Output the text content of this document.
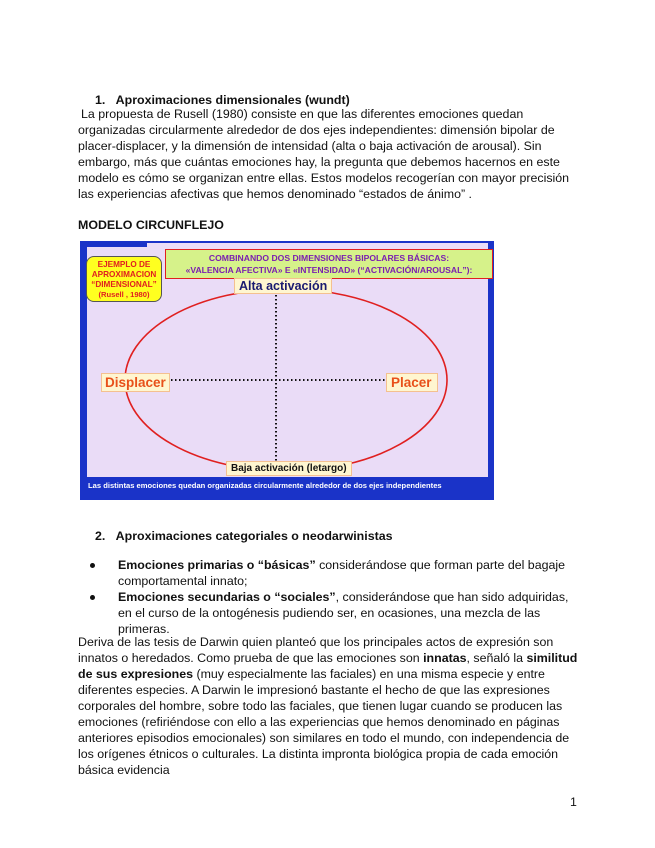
1. Aproximaciones dimensionales (wundt)
La propuesta de Rusell (1980) consiste en que las diferentes emociones quedan organizadas circularmente alrededor de dos ejes independientes: dimensión bipolar de placer-displacer, y la dimensión de intensidad (alta o baja activación de arousal). Sin embargo, más que cuántas emociones hay, la pregunta que debemos hacernos en este modelo es cómo se organizan entre ellas. Estos modelos recogerían con mayor precisión las experiencias afectivas que hemos denominado “estados de ánimo” .
MODELO CIRCUNFLEJO
COMBINANDO DOS DIMENSIONES BIPOLARES BÁSICAS:
«VALENCIA AFECTIVA» E «INTENSIDAD» (“ACTIVACIÓN/AROUSAL”):
EJEMPLO DE
APROXIMACION
“DIMENSIONAL”
(Rusell , 1980)
Alta activación
Baja activación (letargo)
Displacer	Placer
Las distintas emociones quedan organizadas circularmente alrededor de dos ejes independientes
2. Aproximaciones categoriales o neodarwinistas
Emociones primarias o “básicas” considerándose que forman parte del bagaje comportamental innato;
Emociones secundarias o “sociales”, considerándose que han sido adquiridas, en el curso de la ontogénesis pudiendo ser, en ocasiones, una mezcla de las primeras.
Deriva de las tesis de Darwin quien planteó que los principales actos de expresión son innatos o heredados. Como prueba de que las emociones son innatas, señaló la similitud de sus expresiones (muy especialmente las faciales) en una misma especie y entre diferentes especies. A Darwin le impresionó bastante el hecho de que las expresiones corporales del hombre, sobre todo las faciales, que tienen lugar cuando se producen las emociones (refiriéndose con ello a las experiencias que hemos denominado en páginas anteriores episodios emocionales) son similares en todo el mundo, con independencia de los orígenes étnicos o culturales. La distinta impronta biológica propia de cada emoción básica evidencia
1
